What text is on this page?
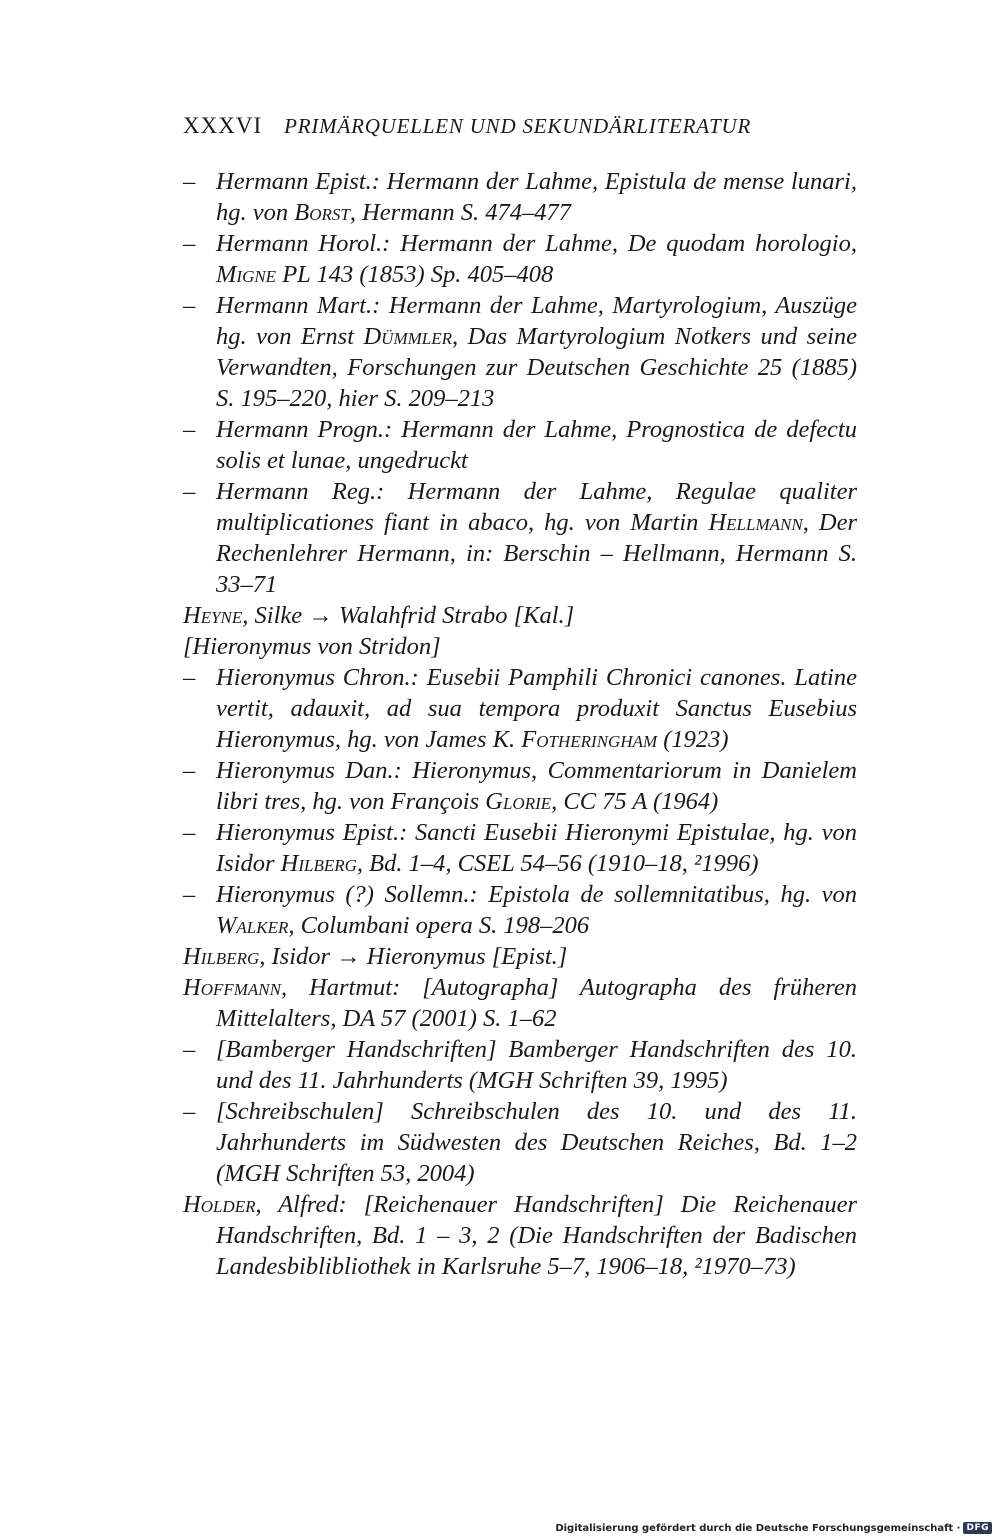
XXXVI PRIMÄRQUELLEN UND SEKUNDÄRLITERATUR
– Hermann Epist.: Hermann der Lahme, Epistula de mense lunari, hg. von Borst, Hermann S. 474–477

– Hermann Horol.: Hermann der Lahme, De quodam horologio, Migne PL 143 (1853) Sp. 405–408

– Hermann Mart.: Hermann der Lahme, Martyrologium, Auszüge hg. von Ernst Dümmler, Das Martyrologium Notkers und seine Verwandten, Forschungen zur Deutschen Geschichte 25 (1885) S. 195–220, hier S. 209–213

– Hermann Progn.: Hermann der Lahme, Prognostica de defectu solis et lunae, ungedruckt

– Hermann Reg.: Hermann der Lahme, Regulae qualiter multiplicationes fiant in abaco, hg. von Martin Hellmann, Der Rechenlehrer Hermann, in: Berschin – Hellmann, Hermann S. 33–71

Heyne, Silke → Walahfrid Strabo [Kal.]

[Hieronymus von Stridon]

– Hieronymus Chron.: Eusebii Pamphili Chronici canones. Latine vertit, adauxit, ad sua tempora produxit Sanctus Eusebius Hieronymus, hg. von James K. Fotheringham (1923)

– Hieronymus Dan.: Hieronymus, Commentariorum in Danielem libri tres, hg. von François Glorie, CC 75 A (1964)

– Hieronymus Epist.: Sancti Eusebii Hieronymi Epistulae, hg. von Isidor Hilberg, Bd. 1–4, CSEL 54–56 (1910–18, ²1996)

– Hieronymus (?) Sollemn.: Epistola de sollemnitatibus, hg. von Walker, Columbani opera S. 198–206

Hilberg, Isidor → Hieronymus [Epist.]

Hoffmann, Hartmut: [Autographa] Autographa des früheren Mittelalters, DA 57 (2001) S. 1–62

– [Bamberger Handschriften] Bamberger Handschriften des 10. und des 11. Jahrhunderts (MGH Schriften 39, 1995)

– [Schreibschulen] Schreibschulen des 10. und des 11. Jahrhunderts im Südwesten des Deutschen Reiches, Bd. 1–2 (MGH Schriften 53, 2004)

Holder, Alfred: [Reichenauer Handschriften] Die Reichenauer Handschriften, Bd. 1 – 3, 2 (Die Handschriften der Badischen Landesbiblibliothek in Karlsruhe 5–7, 1906–18, ²1970–73)

Digitalisierung gefördert durch die Deutsche Forschungsgemeinschaft · DFG
